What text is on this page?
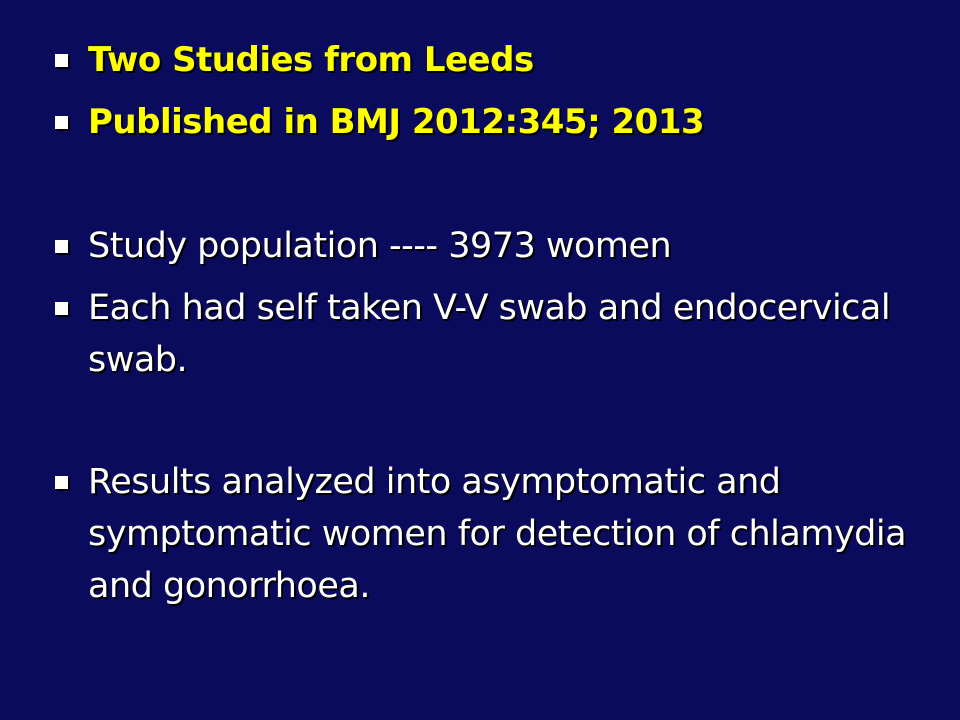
Two Studies from Leeds
Published in BMJ 2012:345; 2013
Study population ---- 3973 women
Each had self taken V-V swab and endocervical swab.
Results analyzed into asymptomatic and symptomatic women for detection of chlamydia and gonorrhoea.
